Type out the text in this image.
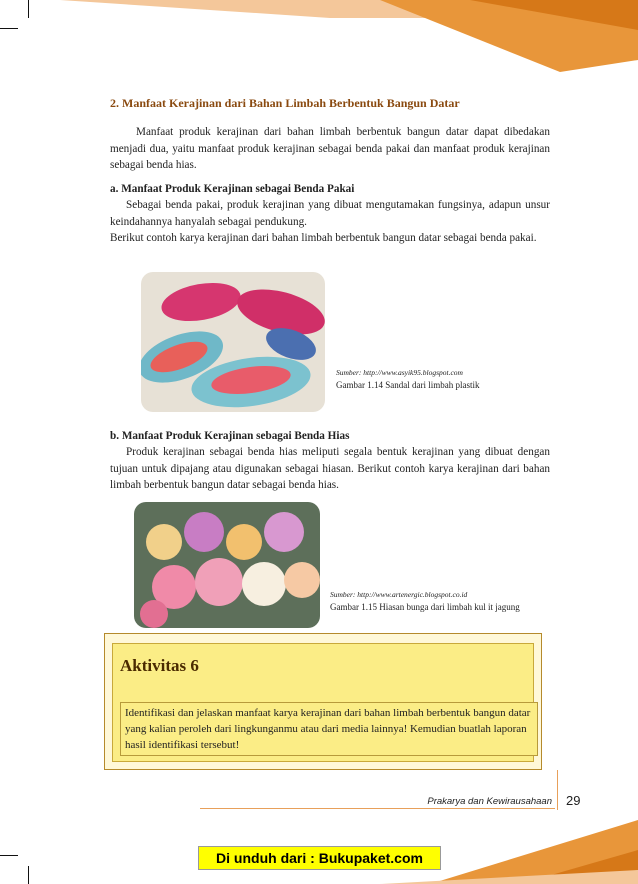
2. Manfaat Kerajinan dari Bahan Limbah Berbentuk Bangun Datar

Manfaat produk kerajinan dari bahan limbah berbentuk bangun datar dapat dibedakan menjadi dua, yaitu manfaat produk kerajinan sebagai benda pakai dan manfaat produk kerajinan sebagai benda hias.

a. Manfaat Produk Kerajinan sebagai Benda Pakai

Sebagai benda pakai, produk kerajinan yang dibuat mengutamakan fungsinya, adapun unsur keindahannya hanyalah sebagai pendukung.

Berikut contoh karya kerajinan dari bahan limbah berbentuk bangun datar sebagai benda pakai.

Sumber: http://www.asyik95.blogspot.com
Gambar 1.14 Sandal dari limbah plastik
b. Manfaat Produk Kerajinan sebagai Benda Hias

Produk kerajinan sebagai benda hias meliputi segala bentuk kerajinan yang dibuat dengan tujuan untuk dipajang atau digunakan sebagai hiasan. Berikut contoh karya kerajinan dari bahan limbah berbentuk bangun datar sebagai benda hias.

Sumber: http://www.artenergic.blogspot.co.id
Gambar 1.15 Hiasan bunga dari limbah kul it jagung
Aktivitas 6
Identifikasi dan jelaskan manfaat karya kerajinan dari bahan limbah berbentuk bangun datar yang kalian peroleh dari lingkunganmu atau dari media lainnya! Kemudian buatlah laporan hasil identifikasi tersebut!
Prakarya dan Kewirausahaan 29
Di unduh dari : Bukupaket.com
